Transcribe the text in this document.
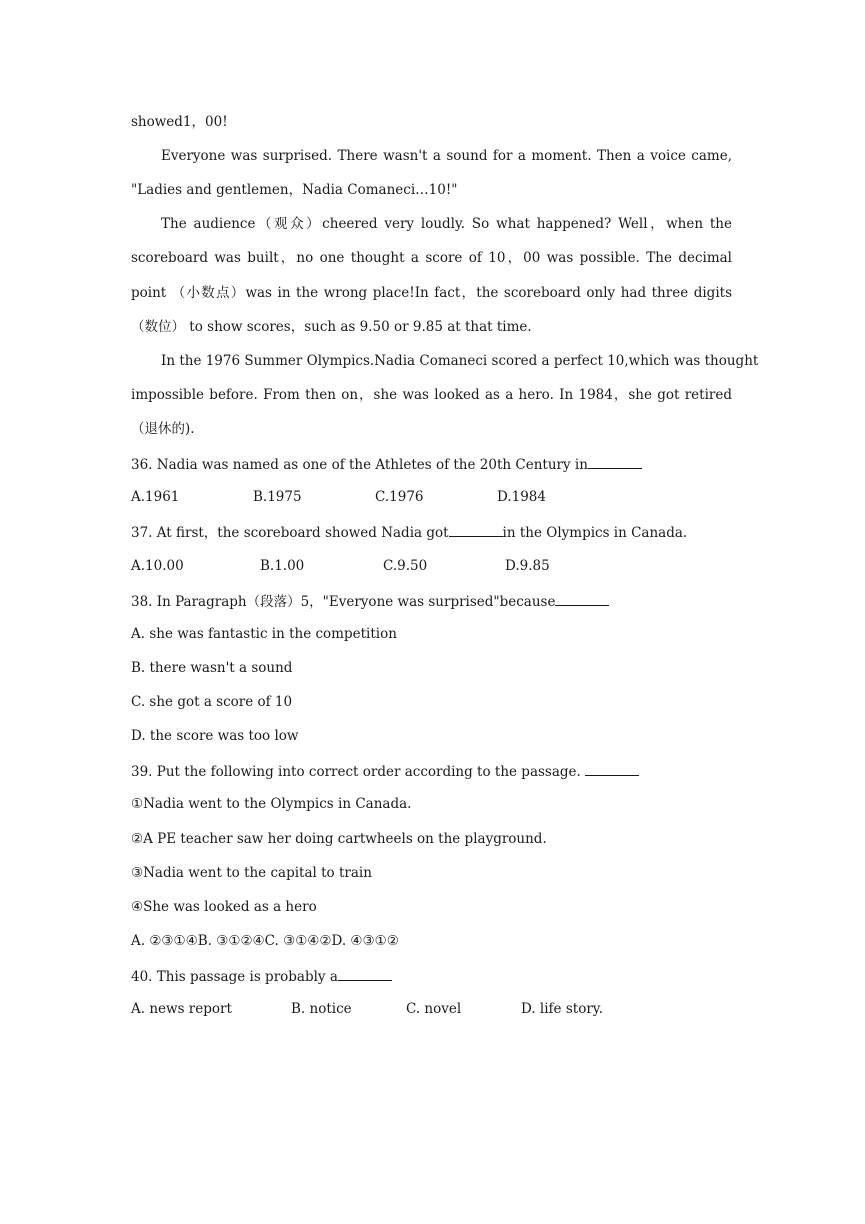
showed1，00!
Everyone was surprised. There wasn't a sound for a moment. Then a voice came,
"Ladies and gentlemen，Nadia Comaneci…10!"
The audience（观众）cheered very loudly. So what happened? Well，when the
scoreboard was built，no one thought a score of 10，00 was possible. The decimal
point （小数点）was in the wrong place!In fact，the scoreboard only had three digits
（数位） to show scores，such as 9.50 or 9.85 at that time.
In the 1976 Summer Olympics.Nadia Comaneci scored a perfect 10,which was thought
impossible before. From then on，she was looked as a hero. In 1984，she got retired
（退休的).
36. Nadia was named as one of the Athletes of the 20th Century in
A.1961	B.1975	C.1976	D.1984
37. At first，the scoreboard showed Nadia got	in the Olympics in Canada.
A.10.00	B.1.00	C.9.50	D.9.85
38. In Paragraph（段落）5，"Everyone was surprised"because
A. she was fantastic in the competition
B. there wasn't a sound
C. she got a score of 10
D. the score was too low
39. Put the following into correct order according to the passage.
①Nadia went to the Olympics in Canada.
②A PE teacher saw her doing cartwheels on the playground.
③Nadia went to the capital to train
④She was looked as a hero
A. ②③①④B. ③①②④C. ③①④②D. ④③①②
40. This passage is probably a
A. news report	B. notice	C. novel	D. life story.
